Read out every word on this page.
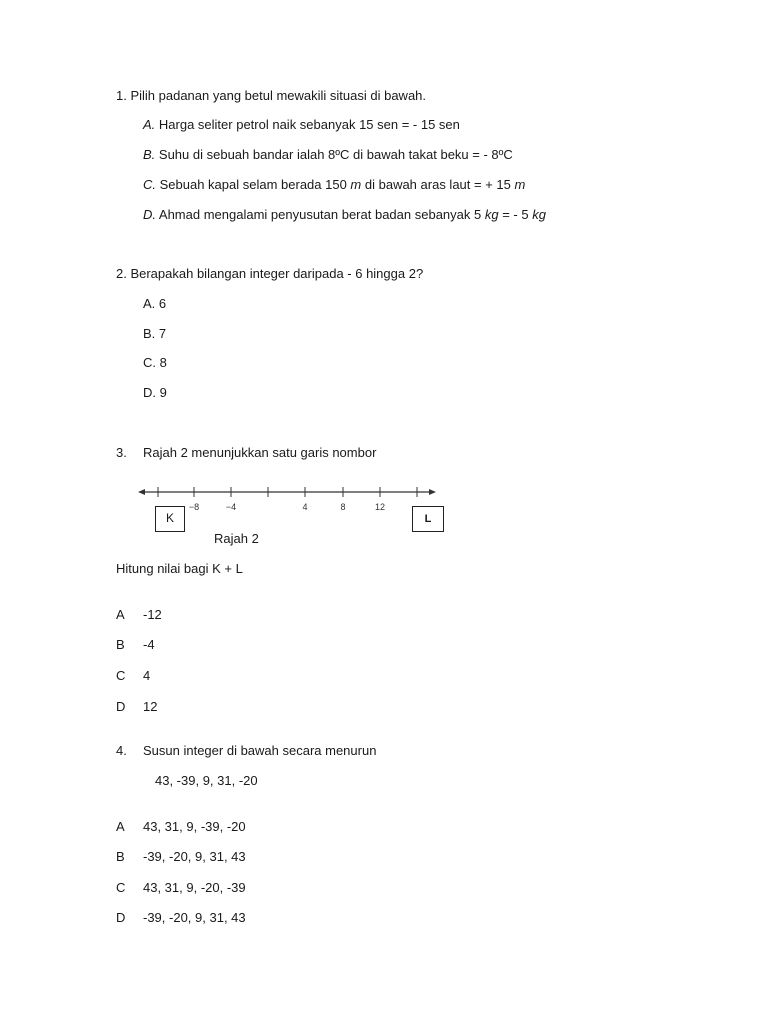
1. Pilih padanan yang betul mewakili situasi di bawah.
A. Harga seliter petrol naik sebanyak 15 sen = - 15 sen
B. Suhu di sebuah bandar ialah 8ºC di bawah takat beku = - 8ºC
C. Sebuah kapal selam berada 150 m di bawah aras laut = + 15 m
D. Ahmad mengalami penyusutan berat badan sebanyak 5 kg = - 5 kg
2. Berapakah bilangan integer daripada - 6 hingga 2?
A. 6
B. 7
C. 8
D. 9
3. Rajah 2 menunjukkan satu garis nombor
−8	−4	4	8	12
K	L
Rajah 2
Hitung nilai bagi K + L
A -12
B -4
C 4
D 12
4. Susun integer di bawah secara menurun
43, -39, 9, 31, -20
A 43, 31, 9, -39, -20
B -39, -20, 9, 31, 43
C 43, 31, 9, -20, -39
D -39, -20, 9, 31, 43
